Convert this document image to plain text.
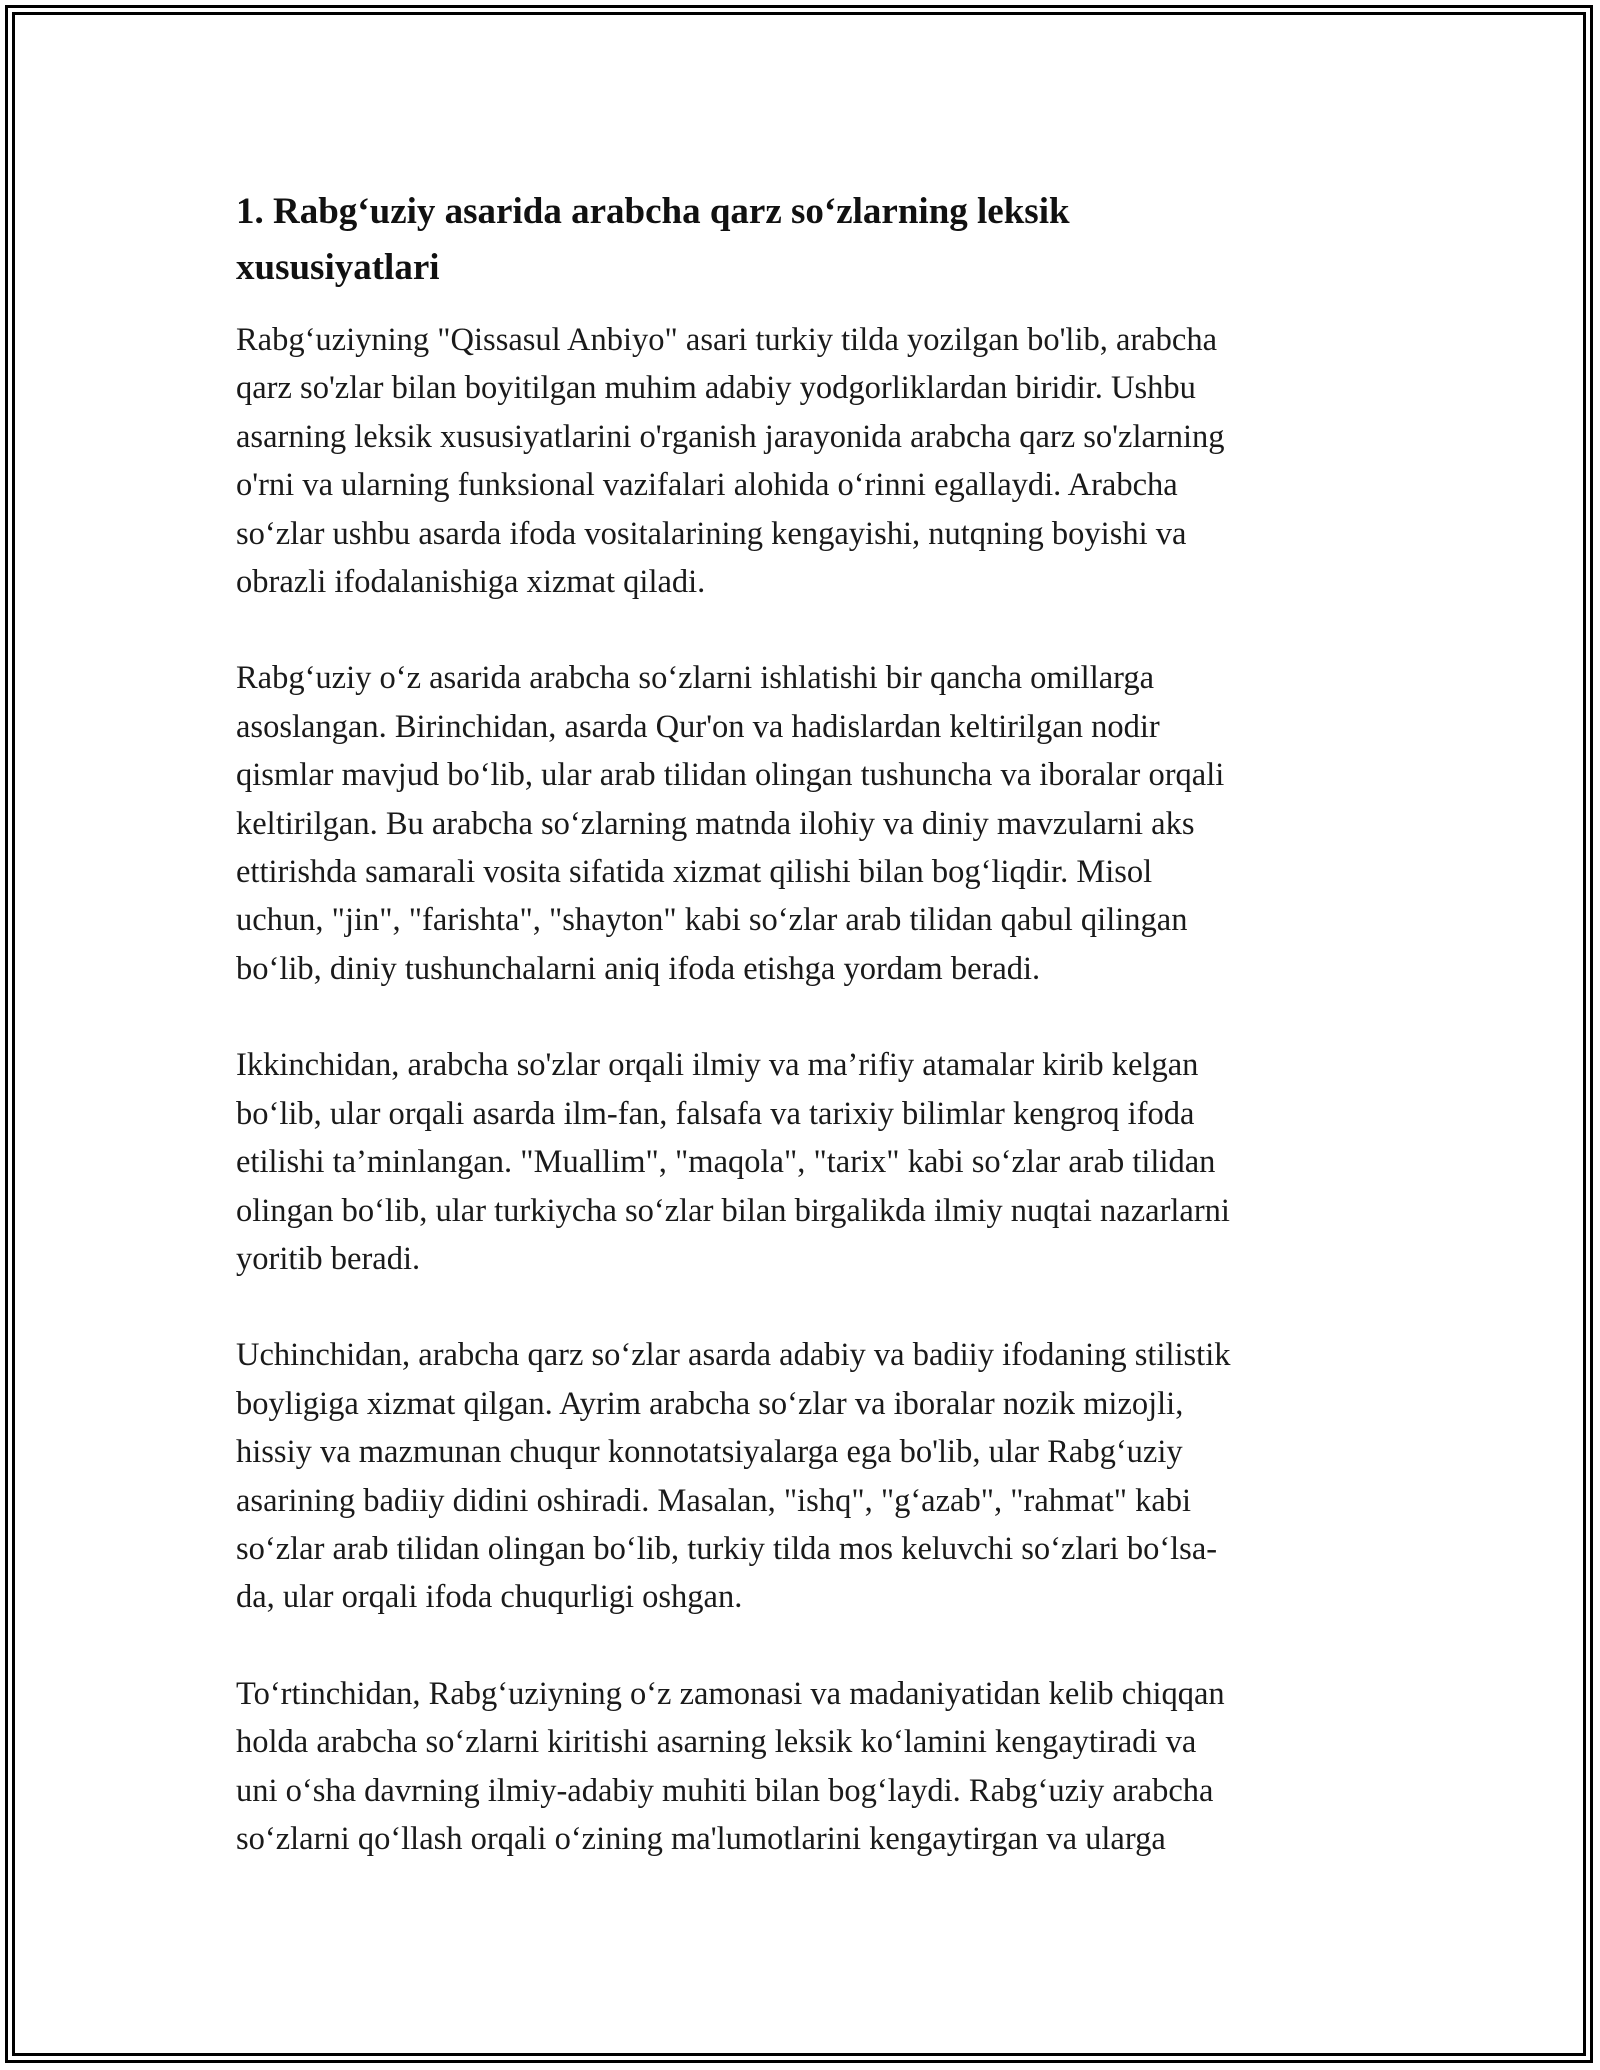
1. Rabg‘uziy asarida arabcha qarz so‘zlarning leksik
xususiyatlari
Rabg‘uziyning "Qissasul Anbiyo" asari turkiy tilda yozilgan bo'lib, arabcha
qarz so'zlar bilan boyitilgan muhim adabiy yodgorliklardan biridir. Ushbu
asarning leksik xususiyatlarini o'rganish jarayonida arabcha qarz so'zlarning
o'rni va ularning funksional vazifalari alohida o‘rinni egallaydi. Arabcha
so‘zlar ushbu asarda ifoda vositalarining kengayishi, nutqning boyishi va
obrazli ifodalanishiga xizmat qiladi.
Rabg‘uziy o‘z asarida arabcha so‘zlarni ishlatishi bir qancha omillarga
asoslangan. Birinchidan, asarda Qur'on va hadislardan keltirilgan nodir
qismlar mavjud bo‘lib, ular arab tilidan olingan tushuncha va iboralar orqali
keltirilgan. Bu arabcha so‘zlarning matnda ilohiy va diniy mavzularni aks
ettirishda samarali vosita sifatida xizmat qilishi bilan bog‘liqdir. Misol
uchun, "jin", "farishta", "shayton" kabi so‘zlar arab tilidan qabul qilingan
bo‘lib, diniy tushunchalarni aniq ifoda etishga yordam beradi.
Ikkinchidan, arabcha so'zlar orqali ilmiy va ma’rifiy atamalar kirib kelgan
bo‘lib, ular orqali asarda ilm-fan, falsafa va tarixiy bilimlar kengroq ifoda
etilishi ta’minlangan. "Muallim", "maqola", "tarix" kabi so‘zlar arab tilidan
olingan bo‘lib, ular turkiycha so‘zlar bilan birgalikda ilmiy nuqtai nazarlarni
yoritib beradi.
Uchinchidan, arabcha qarz so‘zlar asarda adabiy va badiiy ifodaning stilistik
boyligiga xizmat qilgan. Ayrim arabcha so‘zlar va iboralar nozik mizojli,
hissiy va mazmunan chuqur konnotatsiyalarga ega bo'lib, ular Rabg‘uziy
asarining badiiy didini oshiradi. Masalan, "ishq", "g‘azab", "rahmat" kabi
so‘zlar arab tilidan olingan bo‘lib, turkiy tilda mos keluvchi so‘zlari bo‘lsa-
da, ular orqali ifoda chuqurligi oshgan.
To‘rtinchidan, Rabg‘uziyning o‘z zamonasi va madaniyatidan kelib chiqqan
holda arabcha so‘zlarni kiritishi asarning leksik ko‘lamini kengaytiradi va
uni o‘sha davrning ilmiy-adabiy muhiti bilan bog‘laydi. Rabg‘uziy arabcha
so‘zlarni qo‘llash orqali o‘zining ma'lumotlarini kengaytirgan va ularga
